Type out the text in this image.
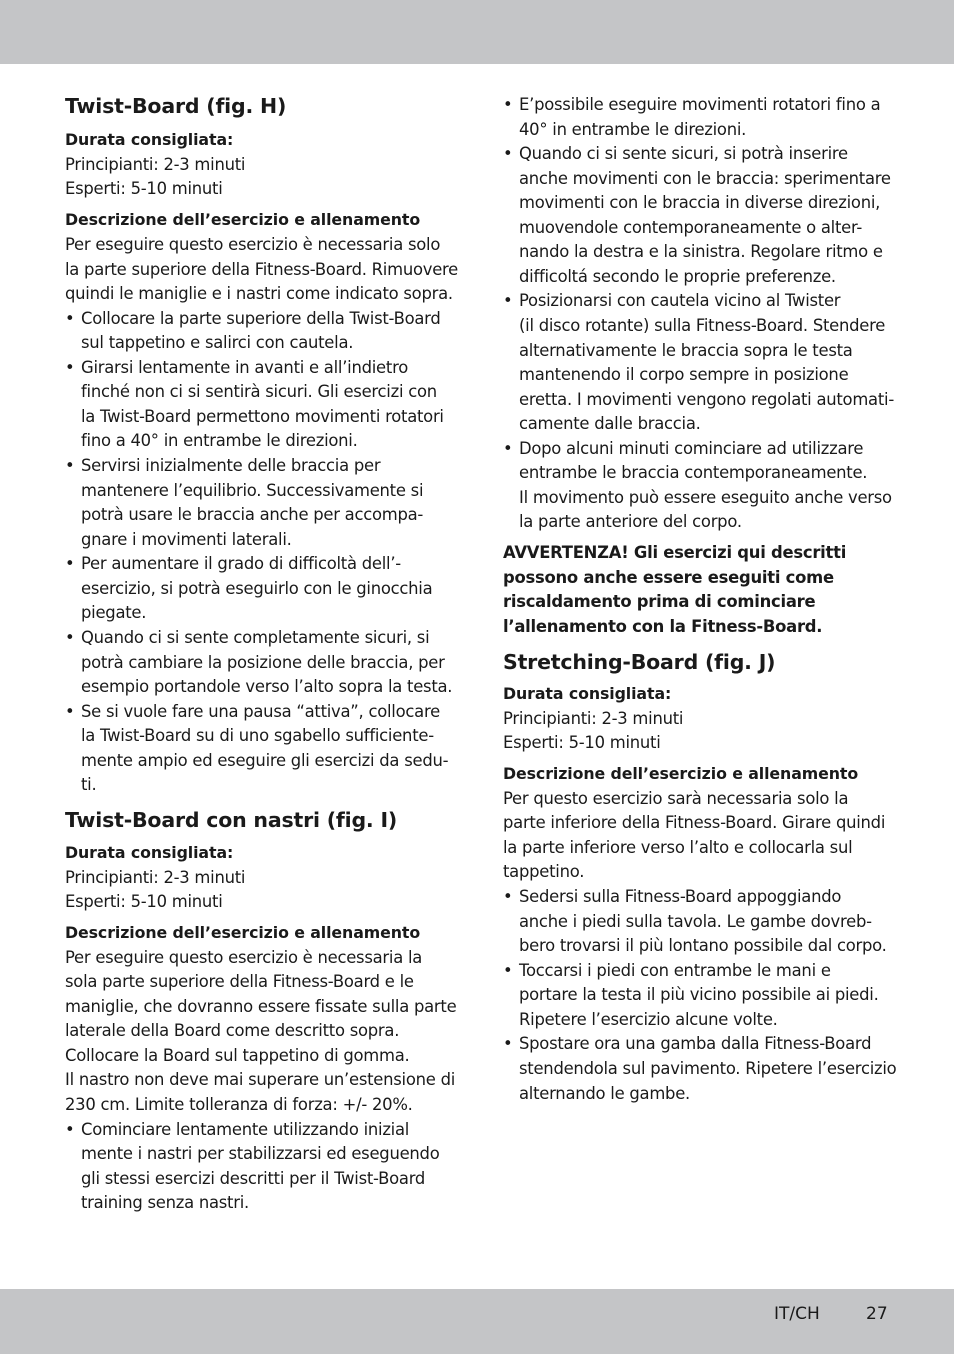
Twist-Board (fig. H)
Durata consigliata:
Principianti: 2-3 minuti
Esperti: 5-10 minuti
Descrizione dell’esercizio e allenamento
Per eseguire questo esercizio è necessaria solo
la parte superiore della Fitness-Board. Rimuovere
quindi le maniglie e i nastri come indicato sopra.
• Collocare la parte superiore della Twist-Board
sul tappetino e salirci con cautela.
• Girarsi lentamente in avanti e all’indietro
finché non ci si sentirà sicuri. Gli esercizi con
la Twist-Board permettono movimenti rotatori
fino a 40° in entrambe le direzioni.
• Servirsi inizialmente delle braccia per
mantenere l’equilibrio. Successivamente si
potrà usare le braccia anche per accompa-
gnare i movimenti laterali.
• Per aumentare il grado di difficoltà dell’-
esercizio, si potrà eseguirlo con le ginocchia
piegate.
• Quando ci si sente completamente sicuri, si
potrà cambiare la posizione delle braccia, per
esempio portandole verso l’alto sopra la testa.
• Se si vuole fare una pausa “attiva”, collocare
la Twist-Board su di uno sgabello sufficiente-
mente ampio ed eseguire gli esercizi da sedu-
ti.
Twist-Board con nastri (fig. I)
Durata consigliata:
Principianti: 2-3 minuti
Esperti: 5-10 minuti
Descrizione dell’esercizio e allenamento
Per eseguire questo esercizio è necessaria la
sola parte superiore della Fitness-Board e le
maniglie, che dovranno essere fissate sulla parte
laterale della Board come descritto sopra.
Collocare la Board sul tappetino di gomma.
Il nastro non deve mai superare un’estensione di
230 cm. Limite tolleranza di forza: +/- 20%.
• Cominciare lentamente utilizzando inizial
mente i nastri per stabilizzarsi ed eseguendo
gli stessi esercizi descritti per il Twist-Board
training senza nastri.
• E’possibile eseguire movimenti rotatori fino a
40° in entrambe le direzioni.
• Quando ci si sente sicuri, si potrà inserire
anche movimenti con le braccia: sperimentare
movimenti con le braccia in diverse direzioni,
muovendole contemporaneamente o alter-
nando la destra e la sinistra. Regolare ritmo e
difficoltá secondo le proprie preferenze.
• Posizionarsi con cautela vicino al Twister
(il disco rotante) sulla Fitness-Board. Stendere
alternativamente le braccia sopra le testa
mantenendo il corpo sempre in posizione
eretta. I movimenti vengono regolati automati-
camente dalle braccia.
• Dopo alcuni minuti cominciare ad utilizzare
entrambe le braccia contemporaneamente.
Il movimento può essere eseguito anche verso
la parte anteriore del corpo.
AVVERTENZA! Gli esercizi qui descritti
possono anche essere eseguiti come
riscaldamento prima di cominciare
l’allenamento con la Fitness-Board.
Stretching-Board (fig. J)
Durata consigliata:
Principianti: 2-3 minuti
Esperti: 5-10 minuti
Descrizione dell’esercizio e allenamento
Per questo esercizio sarà necessaria solo la
parte inferiore della Fitness-Board. Girare quindi
la parte inferiore verso l’alto e collocarla sul
tappetino.
• Sedersi sulla Fitness-Board appoggiando
anche i piedi sulla tavola. Le gambe dovreb-
bero trovarsi il più lontano possibile dal corpo.
• Toccarsi i piedi con entrambe le mani e
portare la testa il più vicino possibile ai piedi.
Ripetere l’esercizio alcune volte.
• Spostare ora una gamba dalla Fitness-Board
stendendola sul pavimento. Ripetere l’esercizio
alternando le gambe.
IT/CH	27
